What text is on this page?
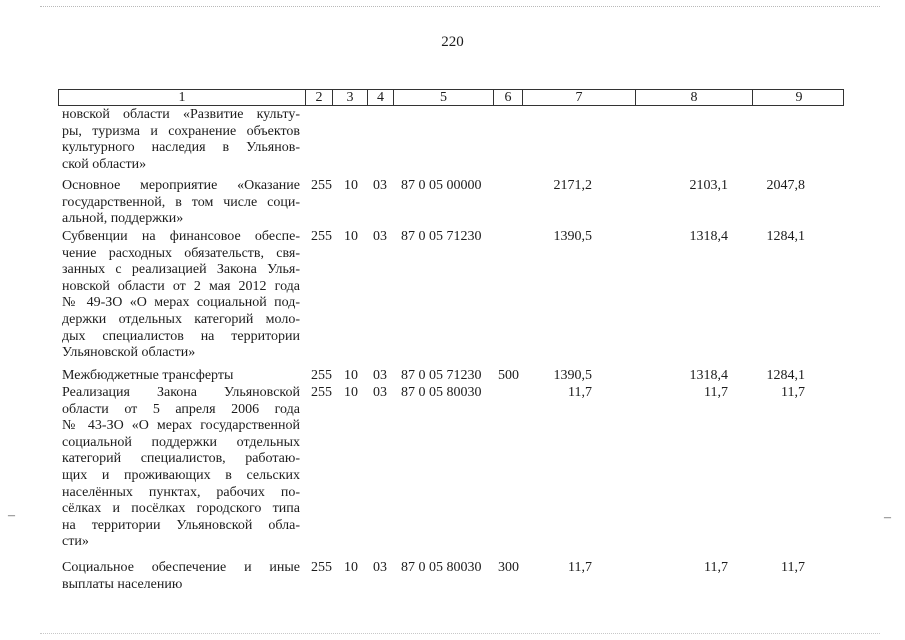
–	–
220
1	2	3	4	5	6	7	8	9
новской области «Развитие культу-
ры, туризма и сохранение объектов
культурного наследия в Ульянов-
ской области»
Основное мероприятие «Оказание
государственной, в том числе соци-
альной, поддержки»
255 10 03 87 0 05 00000	2171,2	2103,1	2047,8
Субвенции на финансовое обеспе-
чение расходных обязательств, свя-
занных с реализацией Закона Улья-
новской области от 2 мая 2012 года
№ 49-ЗО «О мерах социальной под-
держки отдельных категорий моло-
дых специалистов на территории
Ульяновской области»
255 10 03 87 0 05 71230	1390,5	1318,4	1284,1
Межбюджетные трансферты	255 10 03 87 0 05 71230 500	1390,5	1318,4	1284,1
Реализация Закона Ульяновской
области от 5 апреля 2006 года
№ 43-ЗО «О мерах государственной
социальной поддержки отдельных
категорий специалистов, работаю-
щих и проживающих в сельских
населённых пунктах, рабочих по-
сёлках и посёлках городского типа
на территории Ульяновской обла-
сти»
255 10 03 87 0 05 80030	11,7	11,7	11,7
Социальное обеспечение и иные
выплаты населению
255 10 03 87 0 05 80030 300	11,7	11,7	11,7
